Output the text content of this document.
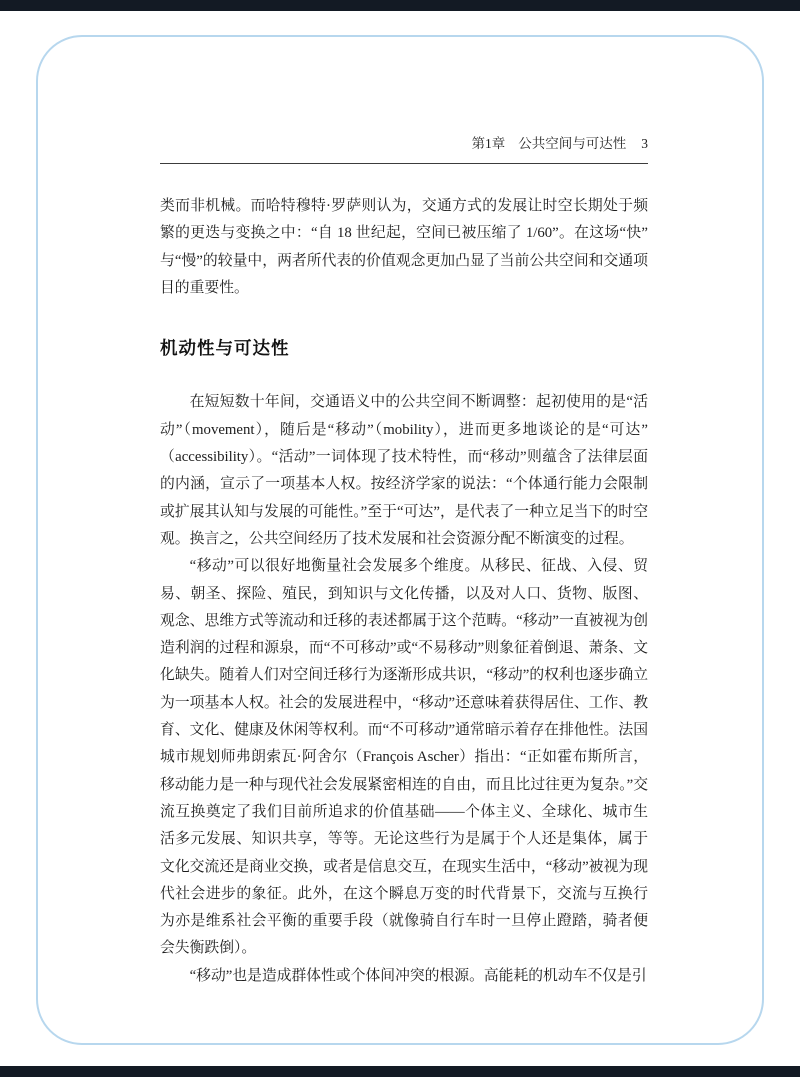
第1章 公共空间与可达性 3

类而非机械。而哈特穆特·罗萨则认为，交通方式的发展让时空长期处于频繁的更迭与变换之中：“自 18 世纪起，空间已被压缩了 1/60”。在这场“快”与“慢”的较量中，两者所代表的价值观念更加凸显了当前公共空间和交通项目的重要性。

机动性与可达性

在短短数十年间，交通语义中的公共空间不断调整：起初使用的是“活动”（movement），随后是“移动”（mobility），进而更多地谈论的是“可达”（accessibility）。“活动”一词体现了技术特性，而“移动”则蕴含了法律层面的内涵，宣示了一项基本人权。按经济学家的说法：“个体通行能力会限制或扩展其认知与发展的可能性。”至于“可达”，是代表了一种立足当下的时空观。换言之，公共空间经历了技术发展和社会资源分配不断演变的过程。

“移动”可以很好地衡量社会发展多个维度。从移民、征战、入侵、贸易、朝圣、探险、殖民，到知识与文化传播，以及对人口、货物、版图、观念、思维方式等流动和迁移的表述都属于这个范畴。“移动”一直被视为创造利润的过程和源泉，而“不可移动”或“不易移动”则象征着倒退、萧条、文化缺失。随着人们对空间迁移行为逐渐形成共识，“移动”的权利也逐步确立为一项基本人权。社会的发展进程中，“移动”还意味着获得居住、工作、教育、文化、健康及休闲等权利。而“不可移动”通常暗示着存在排他性。法国城市规划师弗朗索瓦·阿舍尔（François Ascher）指出：“正如霍布斯所言，移动能力是一种与现代社会发展紧密相连的自由，而且比过往更为复杂。”交流互换奠定了我们目前所追求的价值基础——个体主义、全球化、城市生活多元发展、知识共享，等等。无论这些行为是属于个人还是集体，属于文化交流还是商业交换，或者是信息交互，在现实生活中，“移动”被视为现代社会进步的象征。此外，在这个瞬息万变的时代背景下，交流与互换行为亦是维系社会平衡的重要手段（就像骑自行车时一旦停止蹬踏，骑者便会失衡跌倒）。

“移动”也是造成群体性或个体间冲突的根源。高能耗的机动车不仅是引
